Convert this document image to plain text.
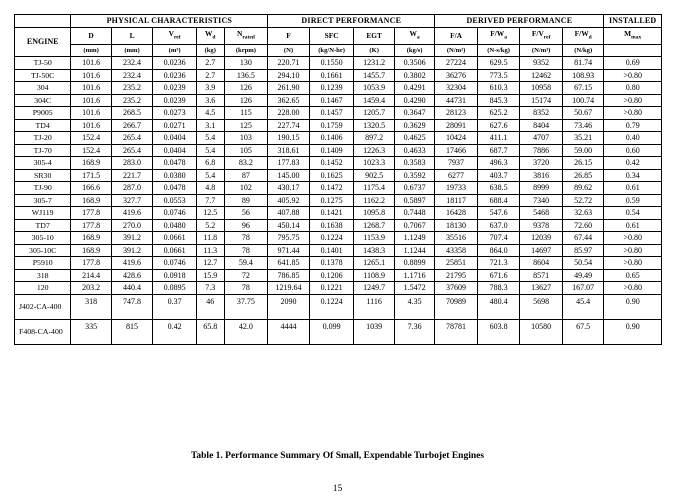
	PHYSICAL CHARACTERISTICS					DIRECT PERFORMANCE				DERIVED PERFORMANCE				INSTALLED
ENGINE	D	L	$V_{ref}$	$W_d$	$N_{rated}$	F	SFC	EGT	$W_a$	F/A	$F/W_a$	$F/V_{ref}$	$F/W_d$	$M_{max}$
	(mm)	(mm)	(m³)	(kg)	(krpm)	(N)	(kg/N-hr)	(K)	(kg/s)	(N/m²)	(N-s/kg)	(N/m³)	(N/kg)	
TJ-50	101.6	232.4	0.0236	2.7	130	220.71	0.1550	1231.2	0.3506	27224	629.5	9352	81.74	0.69
TJ-50C	101.6	232.4	0.0236	2.7	136.5	294.10	0.1661	1455.7	0.3802	36276	773.5	12462	108.93	>0.80
304	101.6	235.2	0.0239	3.9	126	261.90	0.1239	1053.9	0.4291	32304	610.3	10958	67.15	0.80
304C	101.6	235.2	0.0239	3.6	126	362.65	0.1467	1459.4	0.4290	44731	845.3	15174	100.74	>0.80
P9005	101.6	268.5	0.0273	4.5	115	228.00	0.1457	1205.7	0.3647	28123	625.2	8352	50.67	>0.80
TD4	101.6	266.7	0.0271	3.1	125	227.74	0.1759	1320.5	0.3629	28091	627.6	8404	73.46	0.79
TJ-20	152.4	265.4	0.0404	5.4	103	190.15	0.1406	897.2	0.4625	10424	411.1	4707	35.21	0.40
TJ-70	152.4	265.4	0.0404	5.4	105	318.61	0.1409	1226.3	0.4633	17466	687.7	7886	59.00	0.60
305-4	168.9	283.0	0.0478	6.8	83.2	177.83	0.1452	1023.3	0.3583	7937	496.3	3720	26.15	0.42
SR30	171.5	221.7	0.0380	5.4	87	145.00	0.1625	902.5	0.3592	6277	403.7	3816	26.85	0.34
TJ-90	166.6	287.0	0.0478	4.8	102	430.17	0.1472	1175.4	0.6737	19733	638.5	8999	89.62	0.61
305-7	168.9	327.7	0.0553	7.7	89	405.92	0.1275	1162.2	0.5897	18117	688.4	7340	52.72	0.59
WJ119	177.8	419.6	0.0746	12.5	56	407.88	0.1421	1095.8	0.7448	16428	547.6	5468	32.63	0.54
TD7	177.8	270.0	0.0480	5.2	96	450.14	0.1638	1268.7	0.7067	18130	637.0	9378	72.60	0.61
305-10	168.9	391.2	0.0661	11.8	78	795.75	0.1224	1153.9	1.1249	35516	707.4	12039	67.44	>0.80
305-10C	168.9	391.2	0.0661	11.3	78	971.44	0.1401	1438.3	1.1244	43358	864.0	14697	85.97	>0.80
P5910	177.8	419.6	0.0746	12.7	59.4	641.85	0.1378	1265.1	0.8899	25851	721.3	8604	50.54	>0.80
318	214.4	428.6	0.0918	15.9	72	786.85	0.1206	1108.9	1.1716	21795	671.6	8571	49.49	0.65
120	203.2	440.4	0.0895	7.3	78	1219.64	0.1221	1249.7	1.5472	37609	788.3	13627	167.07	>0.80
J402-CA-400	318	747.8	0.37	46	37.75	2090	0.1224	1116	4.35	70989	480.4	5698	45.4	0.90
F408-CA-400	335	815	0.42	65.8	42.0	4444	0.099	1039	7.36	78781	603.8	10580	67.5	0.90
Table 1. Performance Summary Of Small, Expendable Turbojet Engines
15
